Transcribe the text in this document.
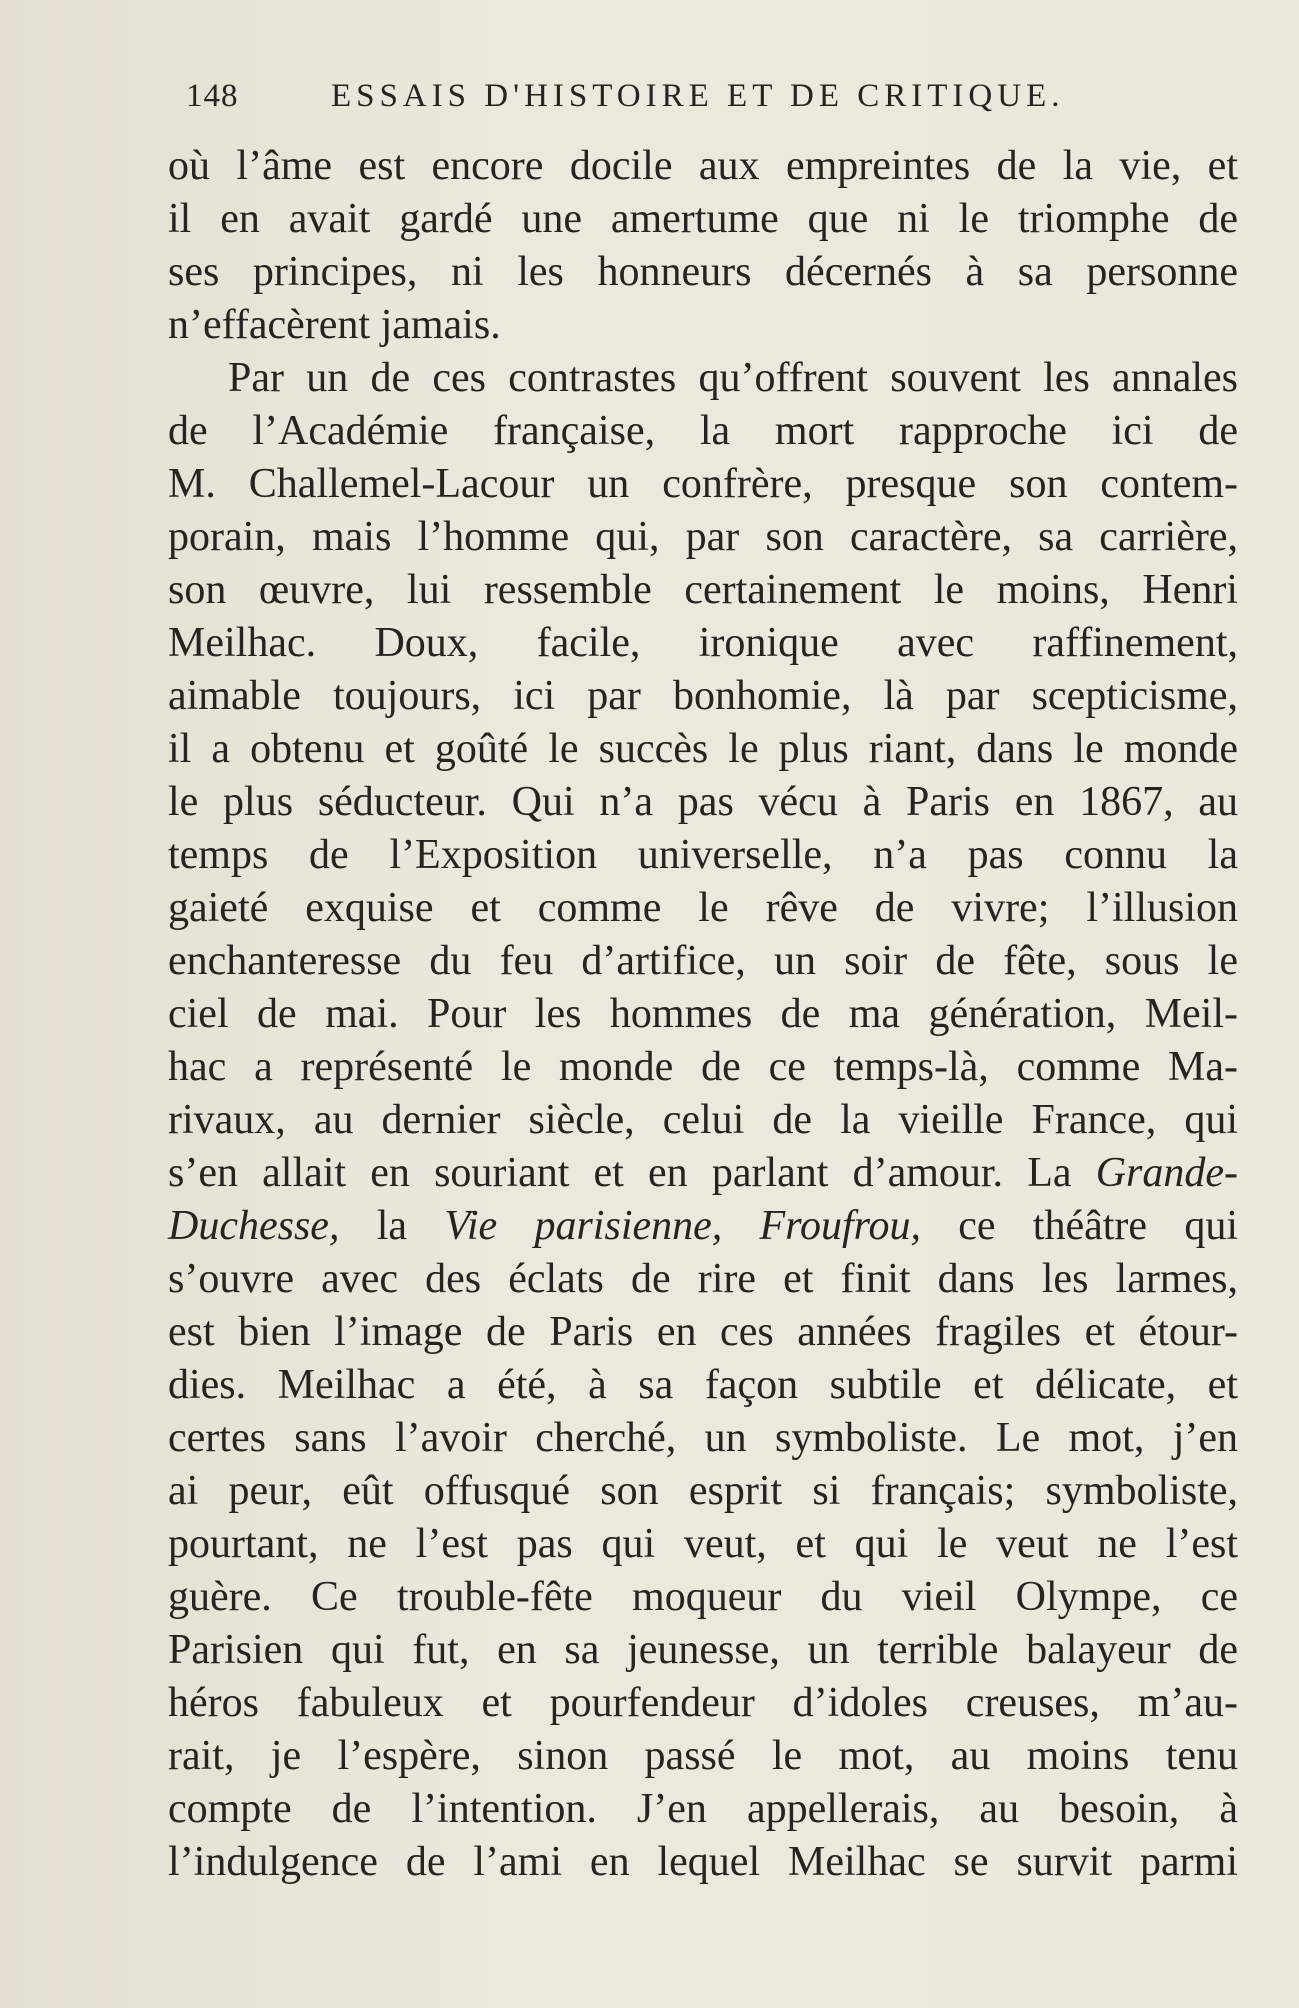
148	ESSAIS D'HISTOIRE ET DE CRITIQUE.
où l’âme est encore docile aux empreintes de la vie, et
il en avait gardé une amertume que ni le triomphe de
ses principes, ni les honneurs décernés à sa personne
n’effacèrent jamais.
Par un de ces contrastes qu’offrent souvent les annales
de l’Académie française, la mort rapproche ici de
M. Challemel-Lacour un confrère, presque son contem-
porain, mais l’homme qui, par son caractère, sa carrière,
son œuvre, lui ressemble certainement le moins, Henri
Meilhac. Doux, facile, ironique avec raffinement,
aimable toujours, ici par bonhomie, là par scepticisme,
il a obtenu et goûté le succès le plus riant, dans le monde
le plus séducteur. Qui n’a pas vécu à Paris en 1867, au
temps de l’Exposition universelle, n’a pas connu la
gaieté exquise et comme le rêve de vivre; l’illusion
enchanteresse du feu d’artifice, un soir de fête, sous le
ciel de mai. Pour les hommes de ma génération, Meil-
hac a représenté le monde de ce temps-là, comme Ma-
rivaux, au dernier siècle, celui de la vieille France, qui
s’en allait en souriant et en parlant d’amour. La Grande-
Duchesse, la Vie parisienne, Froufrou, ce théâtre qui
s’ouvre avec des éclats de rire et finit dans les larmes,
est bien l’image de Paris en ces années fragiles et étour-
dies. Meilhac a été, à sa façon subtile et délicate, et
certes sans l’avoir cherché, un symboliste. Le mot, j’en
ai peur, eût offusqué son esprit si français; symboliste,
pourtant, ne l’est pas qui veut, et qui le veut ne l’est
guère. Ce trouble-fête moqueur du vieil Olympe, ce
Parisien qui fut, en sa jeunesse, un terrible balayeur de
héros fabuleux et pourfendeur d’idoles creuses, m’au-
rait, je l’espère, sinon passé le mot, au moins tenu
compte de l’intention. J’en appellerais, au besoin, à
l’indulgence de l’ami en lequel Meilhac se survit parmi
